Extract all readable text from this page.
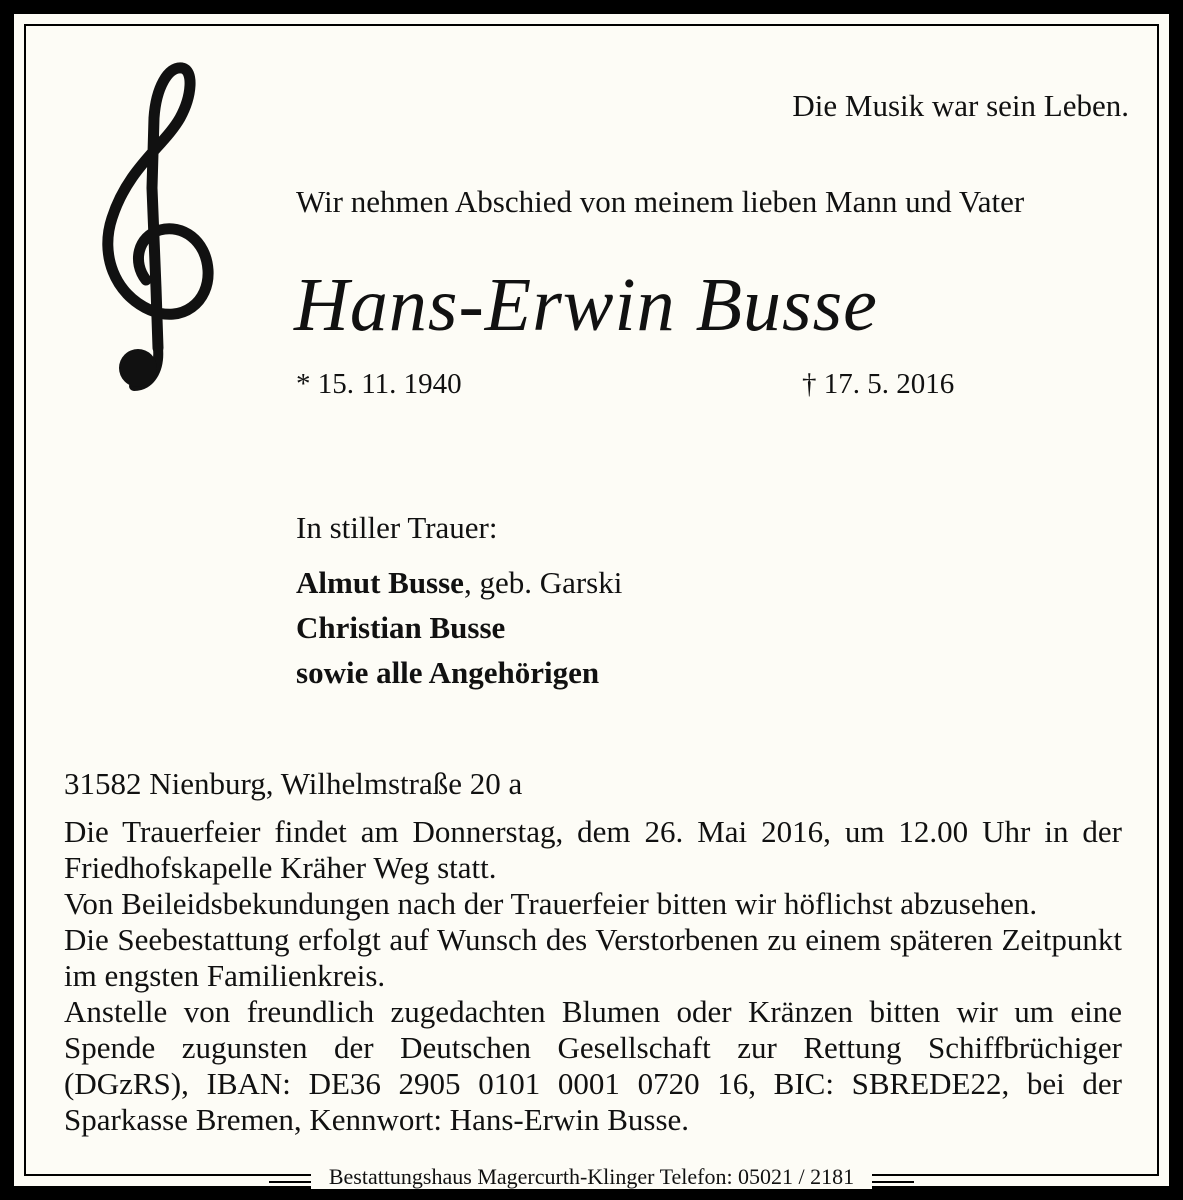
Die Musik war sein Leben.
Wir nehmen Abschied von meinem lieben Mann und Vater
Hans-Erwin Busse
* 15. 11. 1940	† 17. 5. 2016
In stiller Trauer:
Almut Busse, geb. Garski
Christian Busse
sowie alle Angehörigen
31582 Nienburg, Wilhelmstraße 20 a

Die Trauerfeier findet am Donnerstag, dem 26. Mai 2016, um 12.00 Uhr in der Friedhofskapelle Kräher Weg statt.

Von Beileidsbekundungen nach der Trauerfeier bitten wir höflichst abzusehen.

Die Seebestattung erfolgt auf Wunsch des Verstorbenen zu einem späteren Zeitpunkt im engsten Familienkreis.

Anstelle von freundlich zugedachten Blumen oder Kränzen bitten wir um eine Spende zugunsten der Deutschen Gesellschaft zur Rettung Schiffbrüchiger (DGzRS), IBAN: DE36 2905 0101 0001 0720 16, BIC: SBREDE22, bei der Sparkasse Bremen, Kennwort: Hans-Erwin Busse.

Bestattungshaus Magercurth-Klinger Telefon: 05021 / 2181
